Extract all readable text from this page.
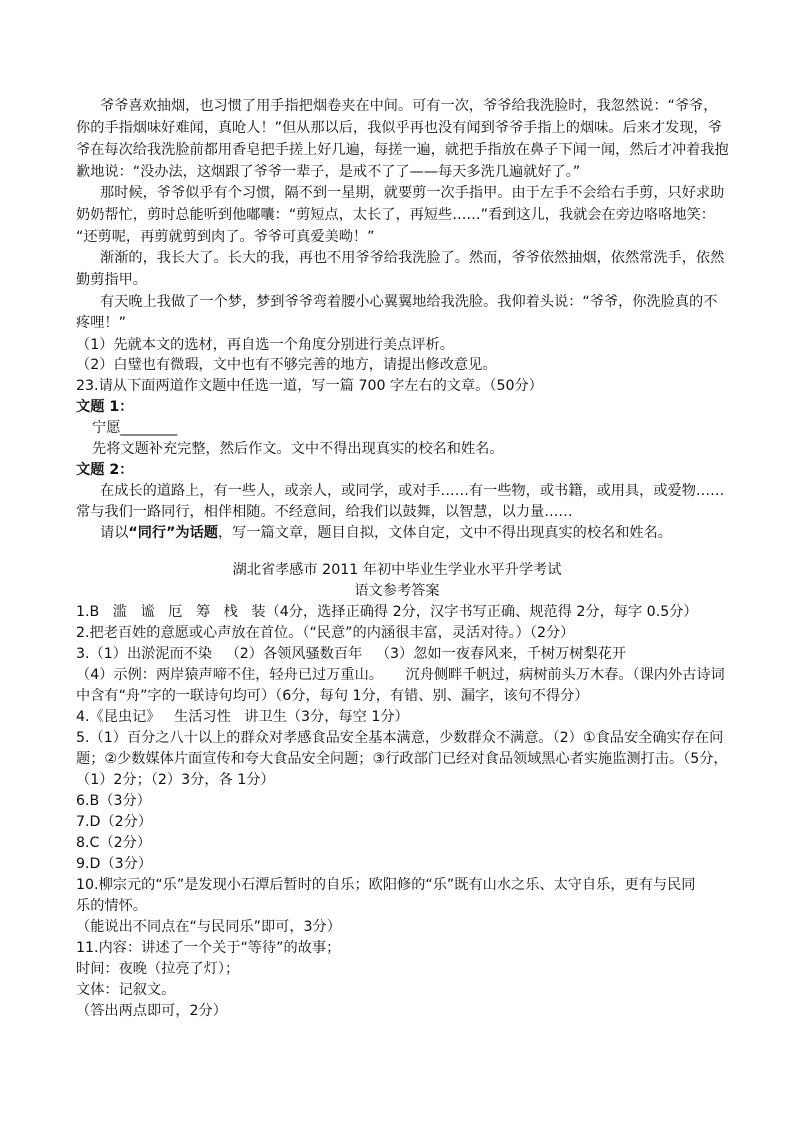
爷爷喜欢抽烟，也习惯了用手指把烟卷夹在中间。可有一次，爷爷给我洗脸时，我忽然说：“爷爷，
你的手指烟味好难闻，真呛人！”但从那以后，我似乎再也没有闻到爷爷手指上的烟味。后来才发现，爷
爷在每次给我洗脸前都用香皂把手搓上好几遍，每搓一遍，就把手指放在鼻子下闻一闻，然后才冲着我抱
歉地说：“没办法，这烟跟了爷爷一辈子，是戒不了了——每天多洗几遍就好了。”
那时候，爷爷似乎有个习惯，隔不到一星期，就要剪一次手指甲。由于左手不会给右手剪，只好求助
奶奶帮忙，剪时总能听到他嘟囔：“剪短点，太长了，再短些……”看到这儿，我就会在旁边咯咯地笑：
“还剪呢，再剪就剪到肉了。爷爷可真爱美呦！”
渐渐的，我长大了。长大的我，再也不用爷爷给我洗脸了。然而，爷爷依然抽烟，依然常洗手，依然
勤剪指甲。
有天晚上我做了一个梦，梦到爷爷弯着腰小心翼翼地给我洗脸。我仰着头说：“爷爷，你洗脸真的不
疼哩！”
（1）先就本文的选材，再自选一个角度分别进行美点评析。
（2）白璧也有微瑕，文中也有不够完善的地方，请提出修改意见。
23.请从下面两道作文题中任选一道，写一篇 700 字左右的文章。（50分）
文题 1：
宁愿________
先将文题补充完整，然后作文。文中不得出现真实的校名和姓名。
文题 2：
在成长的道路上，有一些人，或亲人，或同学，或对手……有一些物，或书籍，或用具，或爱物……
常与我们一路同行，相伴相随。不经意间，给我们以鼓舞，以智慧，以力量……
请以“同行”为话题，写一篇文章，题目自拟，文体自定，文中不得出现真实的校名和姓名。
湖北省孝感市 2011 年初中毕业生学业水平升学考试
语文参考答案
1.B   滥   谧   厄   筹   栈   装（4分，选择正确得 2分，汉字书写正确、规范得 2分，每字 0.5分）
2.把老百姓的意愿或心声放在首位。（“民意”的内涵很丰富，灵活对待。）（2分）
3.（1）出淤泥而不染   （2）各领风骚数百年   （3）忽如一夜春风来，千树万树梨花开
（4）示例：两岸猿声啼不住，轻舟已过万重山。     沉舟侧畔千帆过，病树前头万木春。（课内外古诗词
中含有“舟”字的一联诗句均可）（6分，每句 1分，有错、别、漏字，该句不得分）
4.《昆虫记》   生活习性   讲卫生（3分，每空 1分）
5.（1）百分之八十以上的群众对孝感食品安全基本满意，少数群众不满意。（2）①食品安全确实存在问
题；②少数媒体片面宣传和夸大食品安全问题；③行政部门已经对食品领域黑心者实施监测打击。（5分，
（1）2分；（2）3分，各 1分）
6.B（3分）
7.D（2分）
8.C（2分）
9.D（3分）
10.柳宗元的“乐”是发现小石潭后暂时的自乐；欧阳修的“乐”既有山水之乐、太守自乐，更有与民同
乐的情怀。
（能说出不同点在“与民同乐”即可，3分）
11.内容：讲述了一个关于“等待”的故事；
时间：夜晚（拉亮了灯）；
文体：记叙文。
（答出两点即可，2分）
